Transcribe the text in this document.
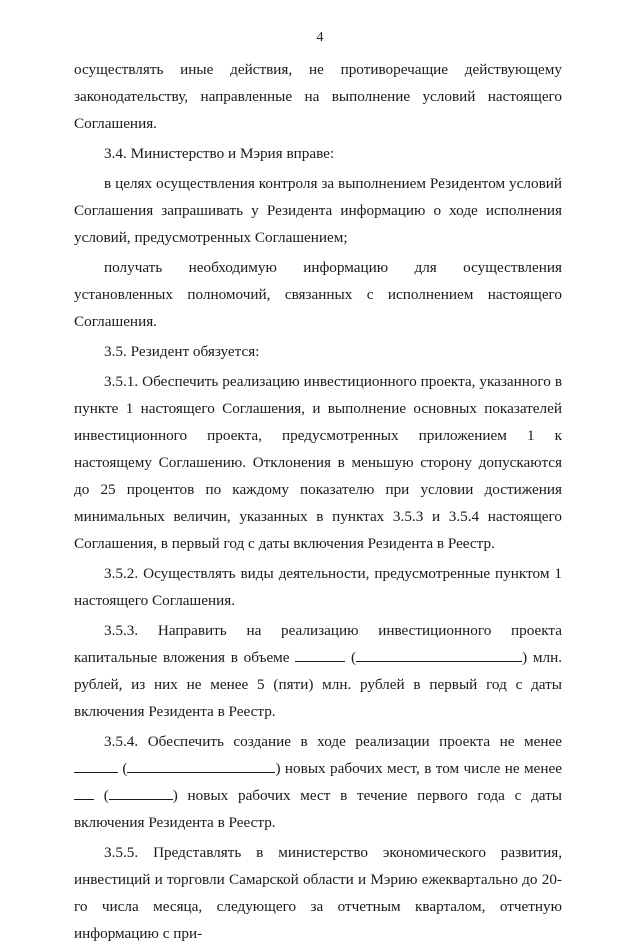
4

осуществлять иные действия, не противоречащие действующему законодательству, направленные на выполнение условий настоящего Соглашения.

3.4. Министерство и Мэрия вправе:

в целях осуществления контроля за выполнением Резидентом условий Соглашения запрашивать у Резидента информацию о ходе исполнения условий, предусмотренных Соглашением;

получать необходимую информацию для осуществления установленных полномочий, связанных с исполнением настоящего Соглашения.

3.5. Резидент обязуется:

3.5.1. Обеспечить реализацию инвестиционного проекта, указанного в пункте 1 настоящего Соглашения, и выполнение основных показателей инвестиционного проекта, предусмотренных приложением 1 к настоящему Соглашению. Отклонения в меньшую сторону допускаются до 25 процентов по каждому показателю при условии достижения минимальных величин, указанных в пунктах 3.5.3 и 3.5.4 настоящего Соглашения, в первый год с даты включения Резидента в Реестр.

3.5.2. Осуществлять виды деятельности, предусмотренные пунктом 1 настоящего Соглашения.

3.5.3. Направить на реализацию инвестиционного проекта капитальные вложения в объеме	(	) млн. рублей, из них не менее 5 (пяти) млн. рублей в первый год с даты включения Резидента в Реестр.

3.5.4. Обеспечить создание в ходе реализации проекта не менее  (	) новых рабочих мест, в том числе не менее  (	) новых рабочих мест в течение первого года с даты включения Резидента в Реестр.

3.5.5. Представлять в министерство экономического развития, инвестиций и торговли Самарской области и Мэрию ежеквартально до 20-го числа месяца, следующего за отчетным кварталом, отчетную информацию с при-
